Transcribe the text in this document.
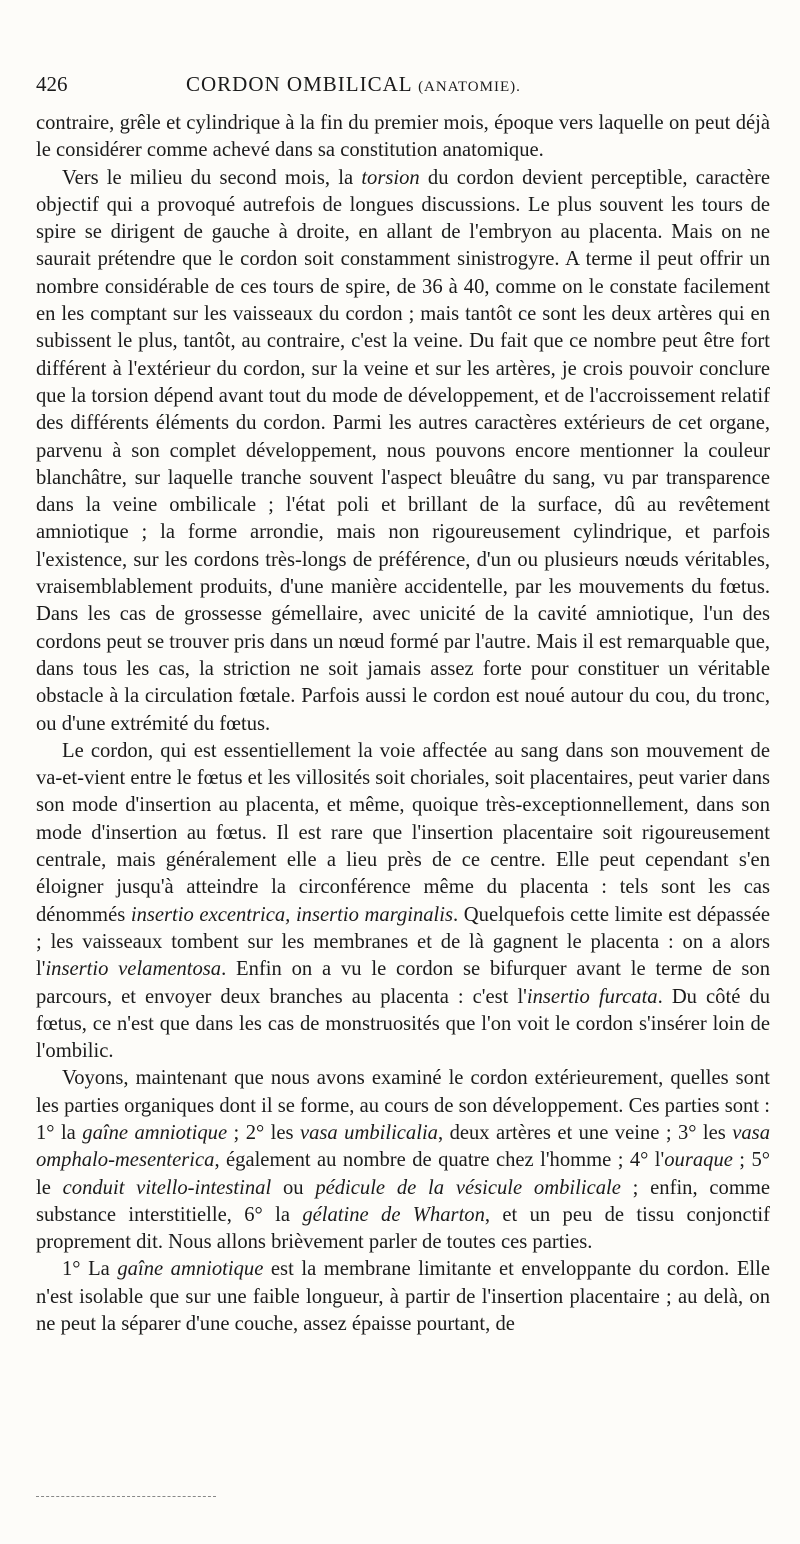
426	CORDON OMBILICAL (ANATOMIE).

contraire, grêle et cylindrique à la fin du premier mois, époque vers laquelle on peut déjà le considérer comme achevé dans sa constitution anatomique.

Vers le milieu du second mois, la torsion du cordon devient perceptible, caractère objectif qui a provoqué autrefois de longues discussions. Le plus souvent les tours de spire se dirigent de gauche à droite, en allant de l'embryon au placenta. Mais on ne saurait prétendre que le cordon soit constamment sinistrogyre. A terme il peut offrir un nombre considérable de ces tours de spire, de 36 à 40, comme on le constate facilement en les comptant sur les vaisseaux du cordon ; mais tantôt ce sont les deux artères qui en subissent le plus, tantôt, au contraire, c'est la veine. Du fait que ce nombre peut être fort différent à l'extérieur du cordon, sur la veine et sur les artères, je crois pouvoir conclure que la torsion dépend avant tout du mode de développement, et de l'accroissement relatif des différents éléments du cordon. Parmi les autres caractères extérieurs de cet organe, parvenu à son complet développement, nous pouvons encore mentionner la couleur blanchâtre, sur laquelle tranche souvent l'aspect bleuâtre du sang, vu par transparence dans la veine ombilicale ; l'état poli et brillant de la surface, dû au revêtement amniotique ; la forme arrondie, mais non rigoureusement cylindrique, et parfois l'existence, sur les cordons très-longs de préférence, d'un ou plusieurs nœuds véritables, vraisemblablement produits, d'une manière accidentelle, par les mouvements du fœtus. Dans les cas de grossesse gémellaire, avec unicité de la cavité amniotique, l'un des cordons peut se trouver pris dans un nœud formé par l'autre. Mais il est remarquable que, dans tous les cas, la striction ne soit jamais assez forte pour constituer un véritable obstacle à la circulation fœtale. Parfois aussi le cordon est noué autour du cou, du tronc, ou d'une extrémité du fœtus.

Le cordon, qui est essentiellement la voie affectée au sang dans son mouvement de va-et-vient entre le fœtus et les villosités soit choriales, soit placentaires, peut varier dans son mode d'insertion au placenta, et même, quoique très-exceptionnellement, dans son mode d'insertion au fœtus. Il est rare que l'insertion placentaire soit rigoureusement centrale, mais généralement elle a lieu près de ce centre. Elle peut cependant s'en éloigner jusqu'à atteindre la circonférence même du placenta : tels sont les cas dénommés insertio excentrica, insertio marginalis. Quelquefois cette limite est dépassée ; les vaisseaux tombent sur les membranes et de là gagnent le placenta : on a alors l'insertio velamentosa. Enfin on a vu le cordon se bifurquer avant le terme de son parcours, et envoyer deux branches au placenta : c'est l'insertio furcata. Du côté du fœtus, ce n'est que dans les cas de monstruosités que l'on voit le cordon s'insérer loin de l'ombilic.

Voyons, maintenant que nous avons examiné le cordon extérieurement, quelles sont les parties organiques dont il se forme, au cours de son développement. Ces parties sont : 1° la gaîne amniotique ; 2° les vasa umbilicalia, deux artères et une veine ; 3° les vasa omphalo-mesenterica, également au nombre de quatre chez l'homme ; 4° l'ouraque ; 5° le conduit vitello-intestinal ou pédicule de la vésicule ombilicale ; enfin, comme substance interstitielle, 6° la gélatine de Wharton, et un peu de tissu conjonctif proprement dit. Nous allons brièvement parler de toutes ces parties.

1° La gaîne amniotique est la membrane limitante et enveloppante du cordon. Elle n'est isolable que sur une faible longueur, à partir de l'insertion placentaire ; au delà, on ne peut la séparer d'une couche, assez épaisse pourtant, de
